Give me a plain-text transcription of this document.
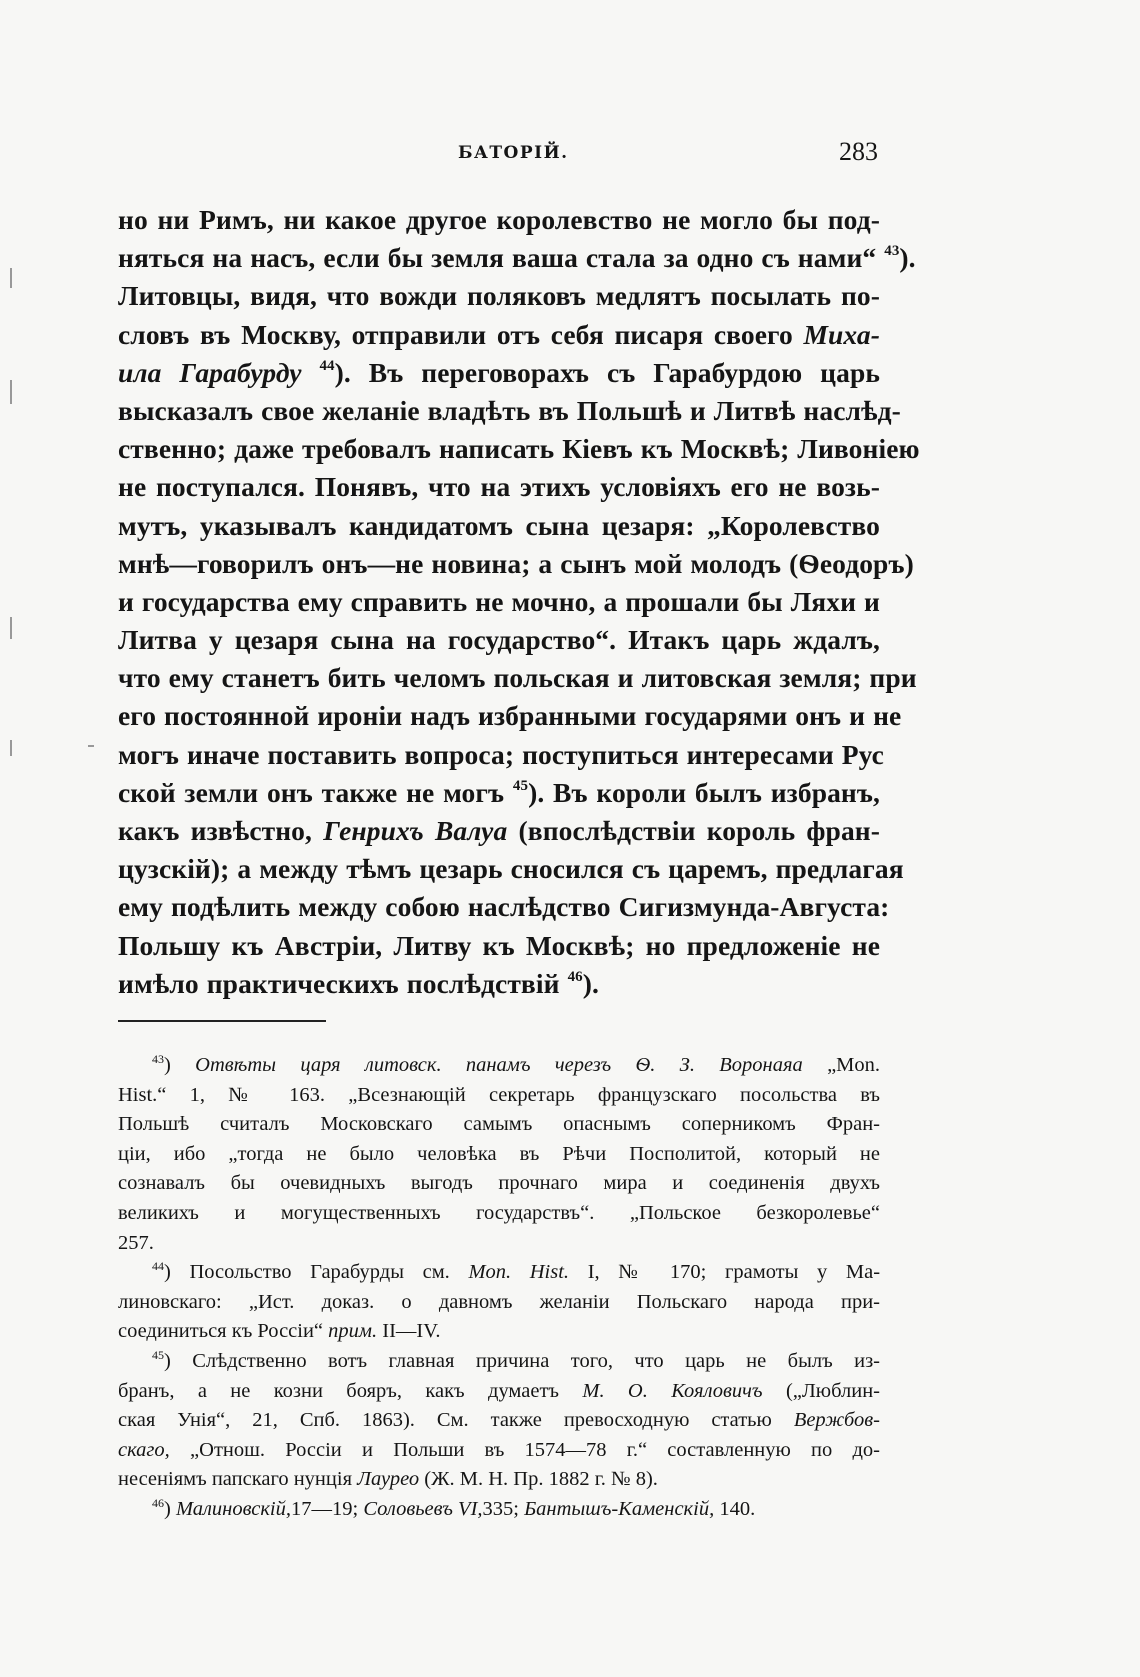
БАТОРІЙ.	283
но ни Римъ, ни какое другое королевство не могло бы под-
няться на насъ, если бы земля ваша стала за одно съ нами“ $^{43}$).
Литовцы, видя, что вожди поляковъ медлятъ посылать по-
словъ въ Москву, отправили отъ себя писаря своего Миха-
ила Гарабурду $^{44}$). Въ переговорахъ съ Гарабурдою царь
высказалъ свое желаніе владѣть въ Польшѣ и Литвѣ наслѣд-
ственно; даже требовалъ написать Кіевъ къ Москвѣ; Ливоніею
не поступался. Понявъ, что на этихъ условіяхъ его не возь-
мутъ, указывалъ кандидатомъ сына цезаря: „Королевство
мнѣ—говорилъ онъ—не новина; а сынъ мой молодъ (Ѳеодоръ)
и государства ему справить не мочно, а прошали бы Ляхи и
Литва у цезаря сына на государство“. Итакъ царь ждалъ,
что ему станетъ бить челомъ польская и литовская земля; при
его постоянной ироніи надъ избранными государями онъ и не
могъ иначе поставить вопроса; поступиться интересами Рус
ской земли онъ также не могъ $^{45}$). Въ короли былъ избранъ,
какъ извѣстно, Генрихъ Валуа (впослѣдствіи король фран-
цузскій); а между тѣмъ цезарь сносился съ царемъ, предлагая
ему подѣлить между собою наслѣдство Сигизмунда-Августа:
Польшу къ Австріи, Литву къ Москвѣ; но предложеніе не
имѣло практическихъ послѣдствій $^{46}$).
$^{43}$) Отвѣты царя литовск. панамъ черезъ Ѳ. З. Воронаяа „Mon.
Hist.“ 1, № 163. „Всезнающій секретарь французскаго посольства въ
Польшѣ считалъ Московскаго самымъ опаснымъ соперникомъ Фран-
ціи, ибо „тогда не было человѣка въ Рѣчи Посполитой, который не
сознавалъ бы очевидныхъ выгодъ прочнаго мира и соединенія двухъ
великихъ и могущественныхъ государствъ“. „Польское безкоролевье“
257.
$^{44}$) Посольство Гарабурды см. Mon. Hist. I, № 170; грамоты у Ма-
линовскаго: „Ист. доказ. о давномъ желаніи Польскаго народа при-
соединиться къ Россіи“ прим. II—IV.
$^{45}$) Слѣдственно вотъ главная причина того, что царь не былъ из-
бранъ, а не козни бояръ, какъ думаетъ М. О. Кояловичъ („Люблин-
ская Унія“, 21, Спб. 1863). См. также превосходную статью Вержбов-
скаго, „Отнош. Россіи и Польши въ 1574—78 г.“ составленную по до-
несеніямъ папскаго нунція Лаурео (Ж. М. Н. Пр. 1882 г. № 8).
$^{46}$) Малиновскій,17—19; Соловьевъ VI,335; Бантышъ-Каменскій, 140.
